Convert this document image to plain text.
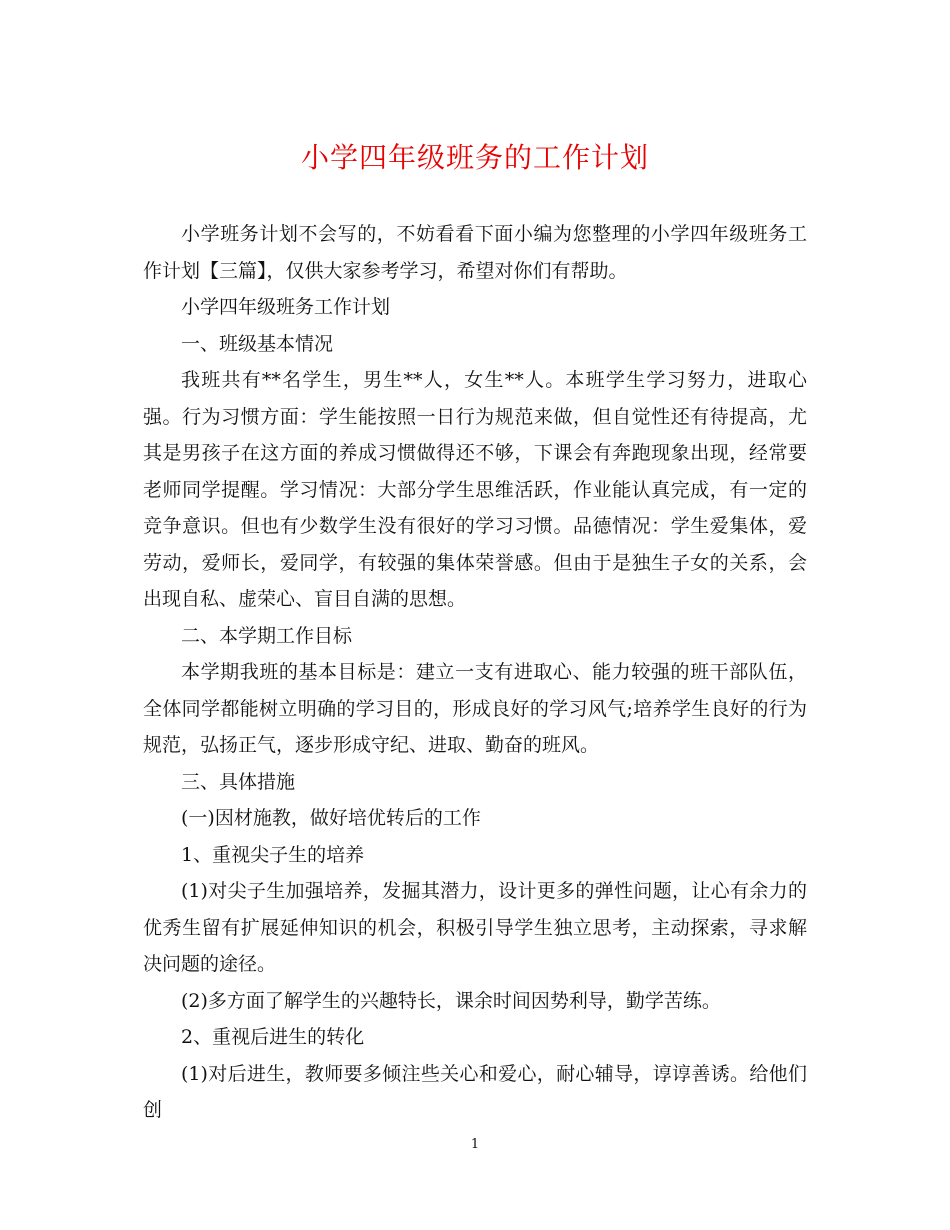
小学四年级班务的工作计划

小学班务计划不会写的，不妨看看下面小编为您整理的小学四年级班务工作计划【三篇】，仅供大家参考学习，希望对你们有帮助。

小学四年级班务工作计划

一、班级基本情况

我班共有**名学生，男生**人，女生**人。本班学生学习努力，进取心强。行为习惯方面：学生能按照一日行为规范来做，但自觉性还有待提高，尤其是男孩子在这方面的养成习惯做得还不够，下课会有奔跑现象出现，经常要老师同学提醒。学习情况：大部分学生思维活跃，作业能认真完成，有一定的竞争意识。但也有少数学生没有很好的学习习惯。品德情况：学生爱集体，爱劳动，爱师长，爱同学，有较强的集体荣誉感。但由于是独生子女的关系，会出现自私、虚荣心、盲目自满的思想。

二、本学期工作目标

本学期我班的基本目标是：建立一支有进取心、能力较强的班干部队伍，全体同学都能树立明确的学习目的，形成良好的学习风气;培养学生良好的行为规范，弘扬正气，逐步形成守纪、进取、勤奋的班风。

三、具体措施

(一)因材施教，做好培优转后的工作

1、重视尖子生的培养

(1)对尖子生加强培养，发掘其潜力，设计更多的弹性问题，让心有余力的优秀生留有扩展延伸知识的机会，积极引导学生独立思考，主动探索，寻求解决问题的途径。

(2)多方面了解学生的兴趣特长，课余时间因势利导，勤学苦练。

2、重视后进生的转化

(1)对后进生，教师要多倾注些关心和爱心，耐心辅导，谆谆善诱。给他们创

1
